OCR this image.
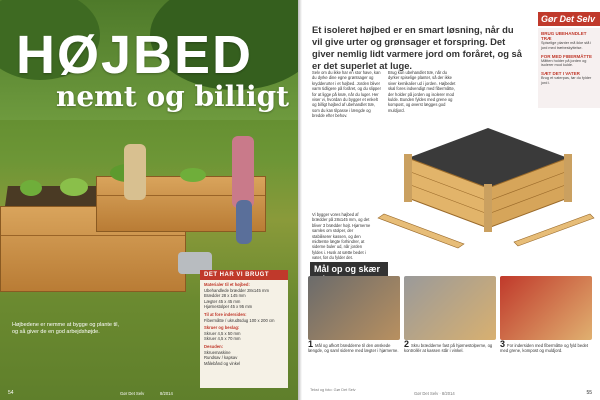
HØJBED
nemt og billigt
Højbedene er nemme at bygge og plante til, og så giver de en god arbejdshøjde.
DET HAR VI BRUGT
Materialer til et højbed:
Ubehandlede brædder 28x145 mm
Brædder 28 x 145 mm
Lægter 45 x 45 mm
Hjørnestolper 45 x 95 mm
Til at fore indersiden:
Fibermåtte / ukrudtsdug 100 x 200 cm
Skruer og beslag:
Skruer 4,5 x 50 mm
Skruer 4,5 x 70 mm
Desuden:
Skruemaskine
Rundsav / kapsav
Målebånd og vinkel
54	Gør Det Selv	8/2014
Et isoleret højbed er en smart løsning, når du vil give urter og grønsager et forspring. Det giver nemlig lidt varmere jord om foråret, og så er det superlet at luge.
Selv om du ikke har en stor have, kan du dyrke dine egne grøntsager og krydderurter i et højbed. Jorden bliver varm tidligere på foråret, og du slipper for at ligge på knæ, når du luger. Her viser vi, hvordan du bygger et enkelt og billigt højbed af ubehandlet træ, som du kan tilpasse i længde og bredde efter behov.
Brug kun ubehandlet træ, når du dyrker spiselige planter, så der ikke siver kemikalier ud i jorden. Højbedet skal fores indvendigt med fibermåtte, der holder på jorden og isolerer mod kulde. Bunden fyldes med grene og kompost, og øverst lægges god muldjord.
Vi bygger vores højbed af brædder på 28x145 mm, og det bliver 3 brædder højt. Hjørnerne samles om stolper, der stabiliserer kassen, og den midterste lægte forhindrer, at siderne buler ud, når jorden fyldes i. Husk at sætte bedet i vater, før du fylder det.
Gør Det Selv
BRUG UBEHANDLET TRÆ
Spiselige planter må ikke stå i jord med træbeskyttelse.
FOR MED FIBERMÅTTE
Måtten holder på jorden og isolerer mod kulde.
SÆT DET I VATER
Brug et vaterpas, før du fylder jord i.
Mål op og skær
1 Mål og afkort brædderne til den ønskede længde, og saml siderne med lægter i hjørnerne.
2 Skru brædderne fast på hjørnestolperne, og kontrollér at kassen står i vinkel.
3 For indersiden med fibermåtte og fyld bedet med grene, kompost og muldjord.
Tekst og foto: Gør Det Selv
Gør Det Selv · 8/2014	55
